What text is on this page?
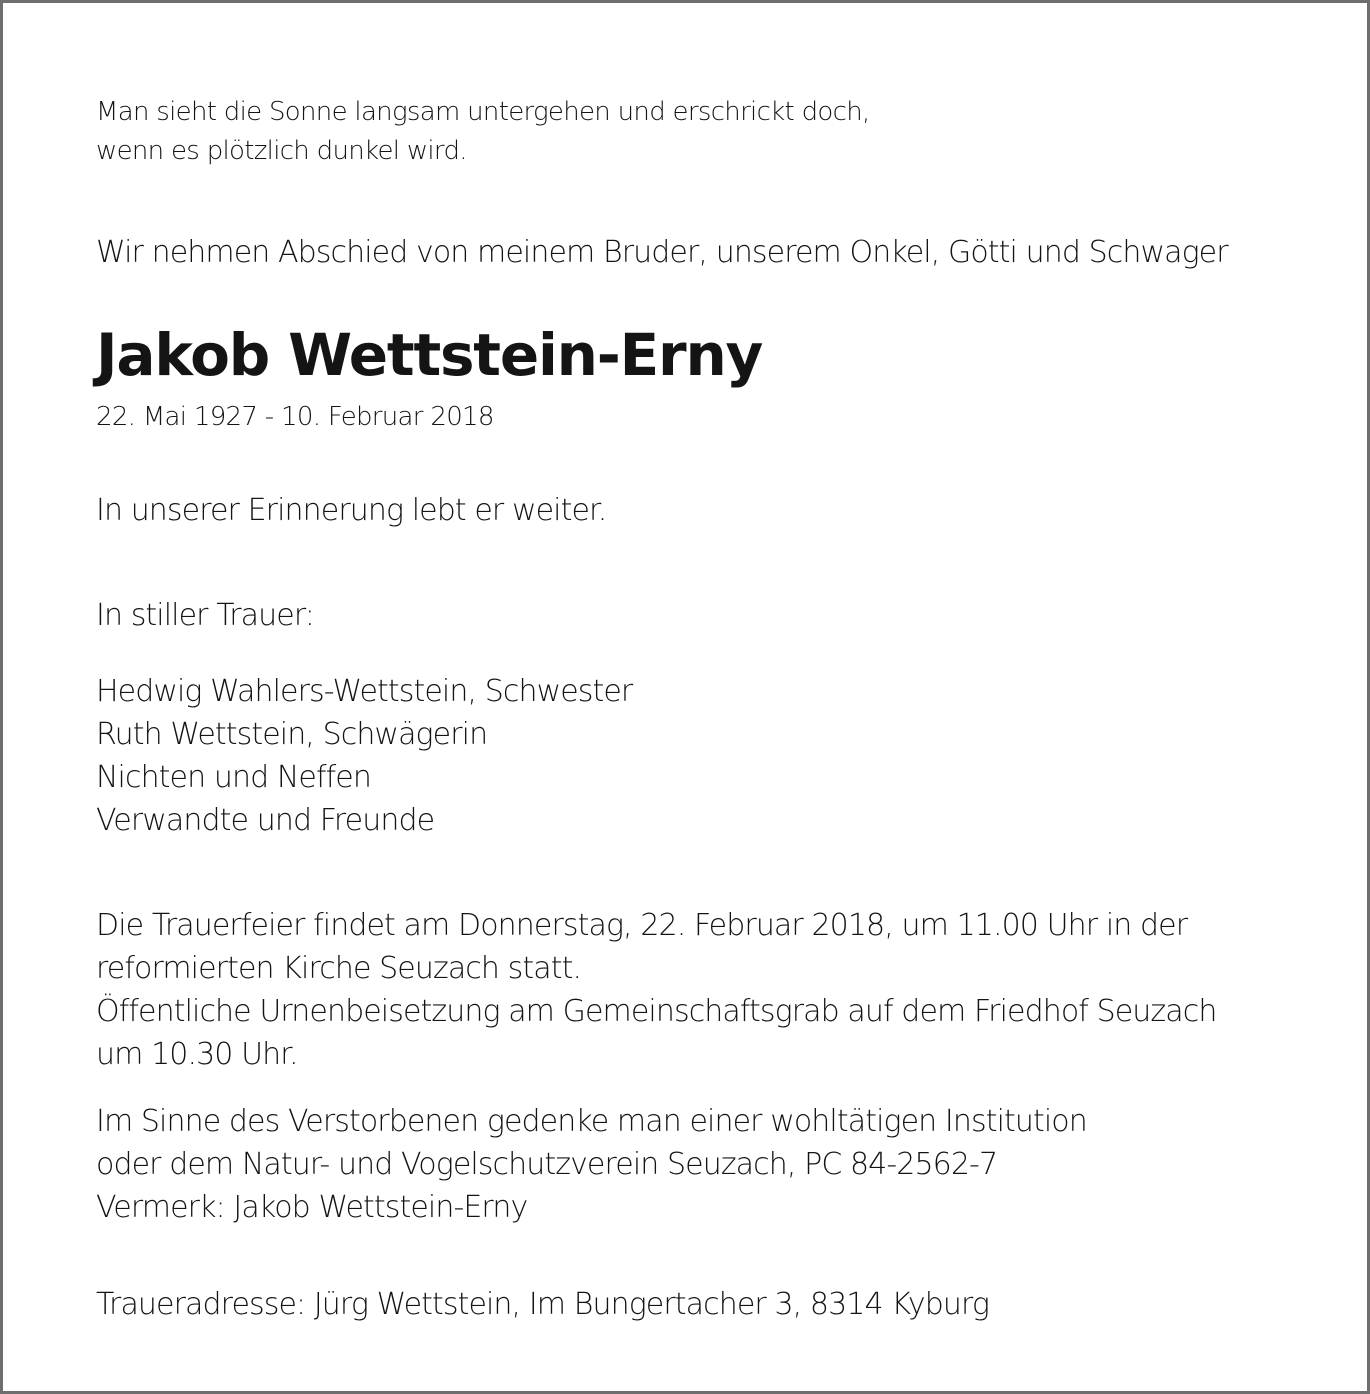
Man sieht die Sonne langsam untergehen und erschrickt doch,
wenn es plötzlich dunkel wird.

Wir nehmen Abschied von meinem Bruder, unserem Onkel, Götti und Schwager

Jakob Wettstein-Erny

22. Mai 1927 - 10. Februar 2018

In unserer Erinnerung lebt er weiter.

In stiller Trauer:

Hedwig Wahlers-Wettstein, Schwester
Ruth Wettstein, Schwägerin
Nichten und Neffen
Verwandte und Freunde

Die Trauerfeier findet am Donnerstag, 22. Februar 2018, um 11.00 Uhr in der
reformierten Kirche Seuzach statt.
Öffentliche Urnenbeisetzung am Gemeinschaftsgrab auf dem Friedhof Seuzach
um 10.30 Uhr.

Im Sinne des Verstorbenen gedenke man einer wohltätigen Institution
oder dem Natur- und Vogelschutzverein Seuzach, PC 84-2562-7
Vermerk: Jakob Wettstein-Erny

Traueradresse: Jürg Wettstein, Im Bungertacher 3, 8314 Kyburg
